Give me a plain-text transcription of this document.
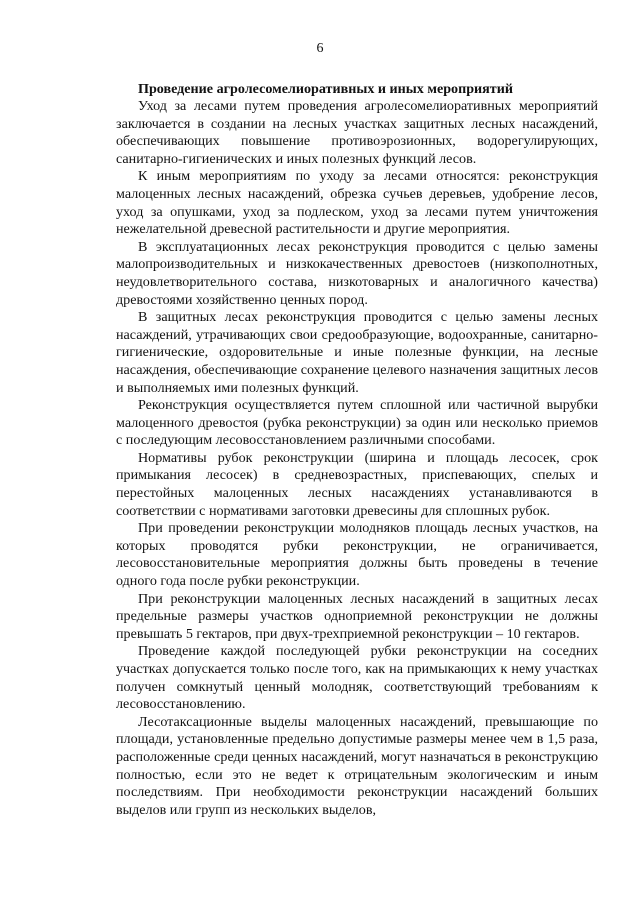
6

Проведение агролесомелиоративных и иных мероприятий

Уход за лесами путем проведения агролесомелиоративных мероприятий заключается в создании на лесных участках защитных лесных насаждений, обеспечивающих повышение противоэрозионных, водорегулирующих, санитарно-гигиенических и иных полезных функций лесов.

К иным мероприятиям по уходу за лесами относятся: реконструкция малоценных лесных насаждений, обрезка сучьев деревьев, удобрение лесов, уход за опушками, уход за подлеском, уход за лесами путем уничтожения нежелательной древесной растительности и другие мероприятия.

В эксплуатационных лесах реконструкция проводится с целью замены малопроизводительных и низкокачественных древостоев (низкополнотных, неудовлетворительного состава, низкотоварных и аналогичного качества) древостоями хозяйственно ценных пород.

В защитных лесах реконструкция проводится с целью замены лесных насаждений, утрачивающих свои средообразующие, водоохранные, санитарно-гигиенические, оздоровительные и иные полезные функции, на лесные насаждения, обеспечивающие сохранение целевого назначения защитных лесов и выполняемых ими полезных функций.

Реконструкция осуществляется путем сплошной или частичной вырубки малоценного древостоя (рубка реконструкции) за один или несколько приемов с последующим лесовосстановлением различными способами.

Нормативы рубок реконструкции (ширина и площадь лесосек, срок примыкания лесосек) в средневозрастных, приспевающих, спелых и перестойных малоценных лесных насаждениях устанавливаются в соответствии с нормативами заготовки древесины для сплошных рубок.

При проведении реконструкции молодняков площадь лесных участков, на которых проводятся рубки реконструкции, не ограничивается, лесовосстановительные мероприятия должны быть проведены в течение одного года после рубки реконструкции.

При реконструкции малоценных лесных насаждений в защитных лесах предельные размеры участков одноприемной реконструкции не должны превышать 5 гектаров, при двух-трехприемной реконструкции – 10 гектаров.

Проведение каждой последующей рубки реконструкции на соседних участках допускается только после того, как на примыкающих к нему участках получен сомкнутый ценный молодняк, соответствующий требованиям к лесовосстановлению.

Лесотаксационные выделы малоценных насаждений, превышающие по площади, установленные предельно допустимые размеры менее чем в 1,5 раза, расположенные среди ценных насаждений, могут назначаться в реконструкцию полностью, если это не ведет к отрицательным экологическим и иным последствиям. При необходимости реконструкции насаждений больших выделов или групп из нескольких выделов,
